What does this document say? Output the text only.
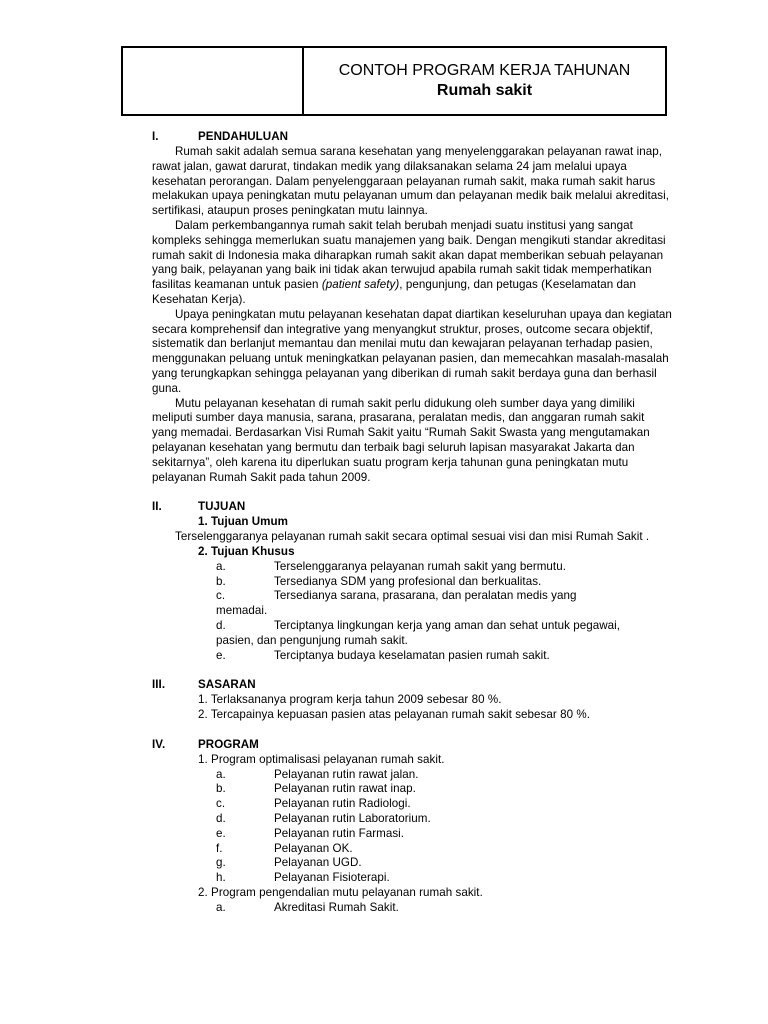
CONTOH PROGRAM KERJA TAHUNAN
Rumah sakit
I.	PENDAHULUAN

Rumah sakit adalah semua sarana kesehatan yang menyelenggarakan pelayanan rawat inap, rawat jalan, gawat darurat, tindakan medik yang dilaksanakan selama 24 jam melalui upaya kesehatan perorangan. Dalam penyelenggaraan pelayanan rumah sakit, maka rumah sakit harus melakukan upaya peningkatan mutu pelayanan umum dan pelayanan medik baik melalui akreditasi, sertifikasi, ataupun proses peningkatan mutu lainnya.

Dalam perkembangannya rumah sakit telah berubah menjadi suatu institusi yang sangat kompleks sehingga memerlukan suatu manajemen yang baik. Dengan mengikuti standar akreditasi rumah sakit di Indonesia maka diharapkan rumah sakit akan dapat memberikan sebuah pelayanan yang baik, pelayanan yang baik ini tidak akan terwujud apabila rumah sakit tidak memperhatikan fasilitas keamanan untuk pasien (patient safety), pengunjung, dan petugas (Keselamatan dan Kesehatan Kerja).

Upaya peningkatan mutu pelayanan kesehatan dapat diartikan keseluruhan upaya dan kegiatan secara komprehensif dan integrative yang menyangkut struktur, proses, outcome secara objektif, sistematik dan berlanjut memantau dan menilai mutu dan kewajaran pelayanan terhadap pasien, menggunakan peluang untuk meningkatkan pelayanan pasien, dan memecahkan masalah-masalah yang terungkapkan sehingga pelayanan yang diberikan di rumah sakit berdaya guna dan berhasil guna.

Mutu pelayanan kesehatan di rumah sakit perlu didukung oleh sumber daya yang dimiliki meliputi sumber daya manusia, sarana, prasarana, peralatan medis, dan anggaran rumah sakit yang memadai. Berdasarkan Visi Rumah Sakit yaitu “Rumah Sakit Swasta yang mengutamakan pelayanan kesehatan yang bermutu dan terbaik bagi seluruh lapisan masyarakat Jakarta dan sekitarnya”, oleh karena itu diperlukan suatu program kerja tahunan guna peningkatan mutu pelayanan Rumah Sakit pada tahun 2009.

II.	TUJUAN
1. Tujuan Umum

Terselenggaranya pelayanan rumah sakit secara optimal sesuai visi dan misi Rumah Sakit .

2. Tujuan Khusus
a.	Terselenggaranya pelayanan rumah sakit yang bermutu.
b.	Tersedianya SDM yang profesional dan berkualitas.
c.	Tersedianya sarana, prasarana, dan peralatan medis yang
memadai.
d.	Terciptanya lingkungan kerja yang aman dan sehat untuk pegawai,
pasien, dan pengunjung rumah sakit.
e.	Terciptanya budaya keselamatan pasien rumah sakit.
III.	SASARAN
1. Terlaksananya program kerja tahun 2009 sebesar 80 %.
2. Tercapainya kepuasan pasien atas pelayanan rumah sakit sebesar 80 %.
IV.	PROGRAM
1. Program optimalisasi pelayanan rumah sakit.
a.	Pelayanan rutin rawat jalan.
b.	Pelayanan rutin rawat inap.
c.	Pelayanan rutin Radiologi.
d.	Pelayanan rutin Laboratorium.
e.	Pelayanan rutin Farmasi.
f.	Pelayanan OK.
g.	Pelayanan UGD.
h.	Pelayanan Fisioterapi.
2. Program pengendalian mutu pelayanan rumah sakit.
a.	Akreditasi Rumah Sakit.
